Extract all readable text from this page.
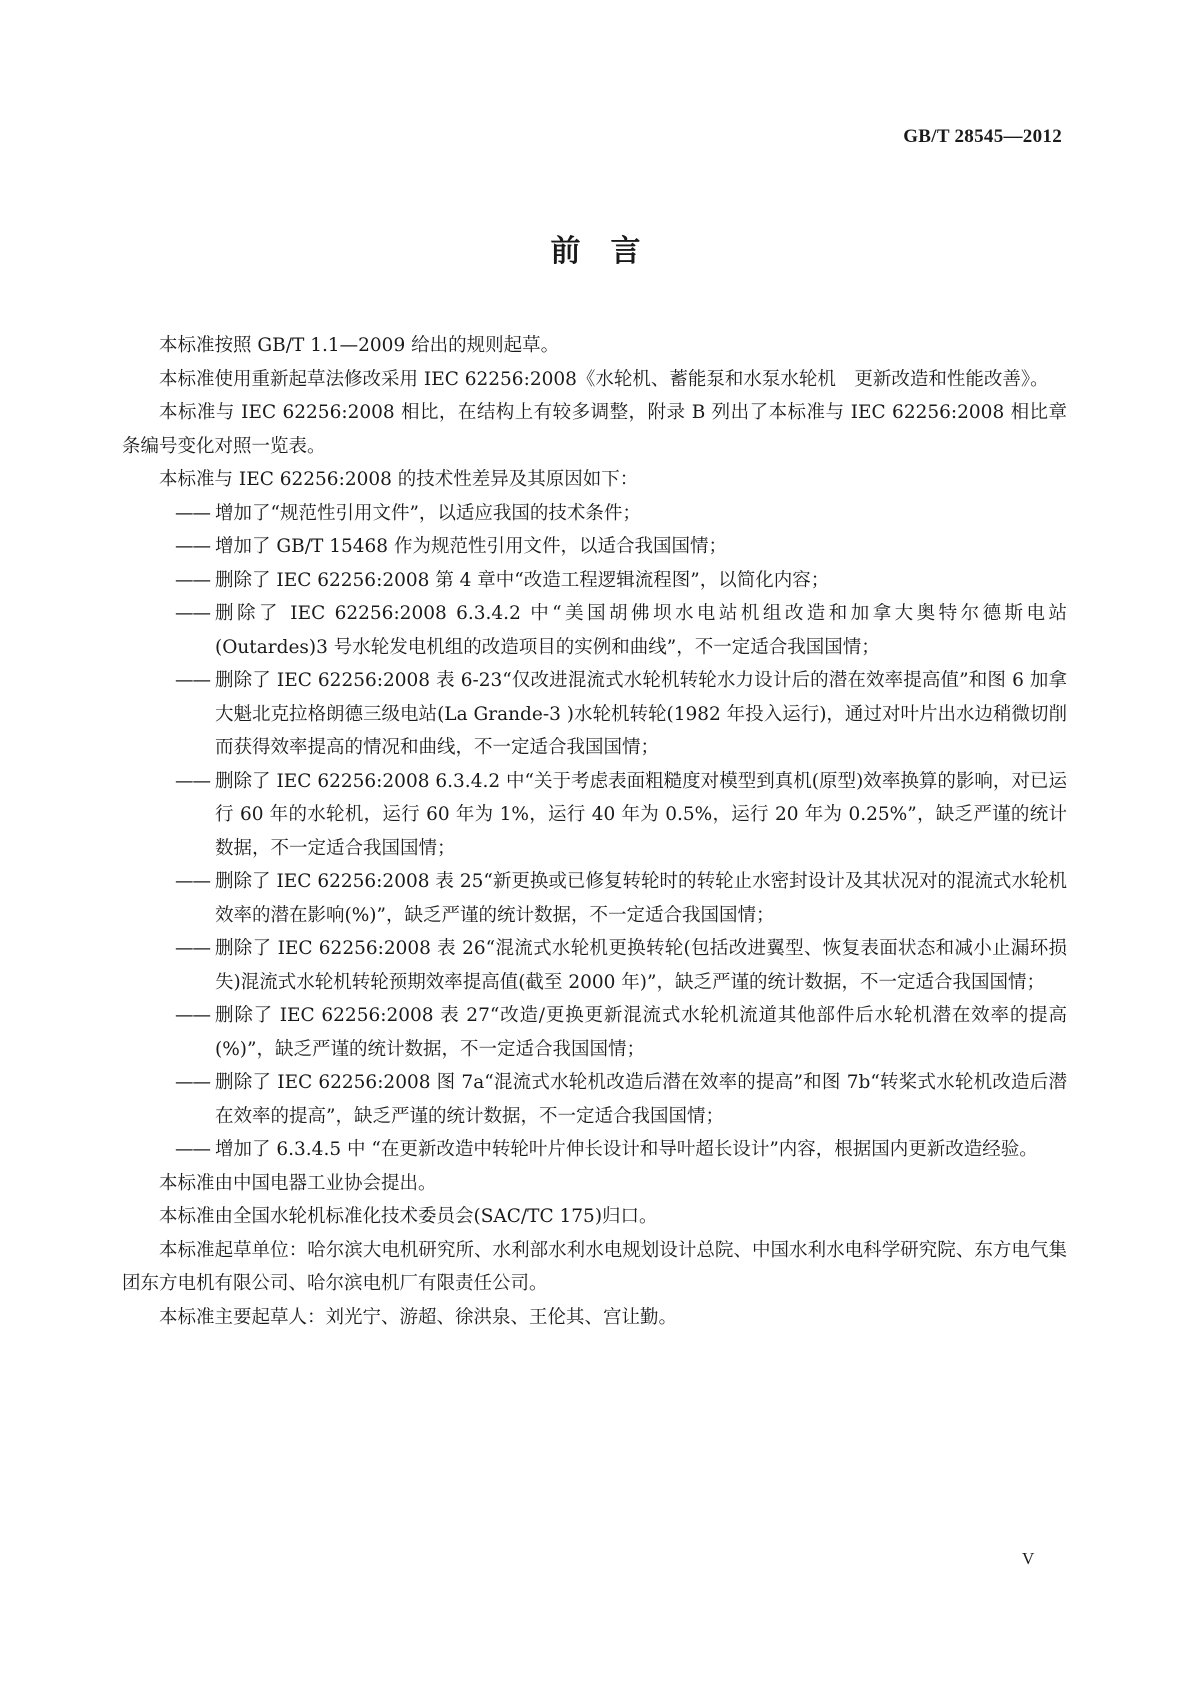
GB/T 28545—2012
前言

本标准按照 GB/T 1.1—2009 给出的规则起草。

本标准使用重新起草法修改采用 IEC 62256:2008《水轮机、蓄能泵和水泵水轮机　更新改造和性能改善》。

本标准与 IEC 62256:2008 相比，在结构上有较多调整，附录 B 列出了本标准与 IEC 62256:2008 相比章条编号变化对照一览表。

本标准与 IEC 62256:2008 的技术性差异及其原因如下：

—— 增加了“规范性引用文件”，以适应我国的技术条件；
—— 增加了 GB/T 15468 作为规范性引用文件，以适合我国国情；
—— 删除了 IEC 62256:2008 第 4 章中“改造工程逻辑流程图”，以简化内容；
—— 删除了 IEC 62256:2008 6.3.4.2 中“美国胡佛坝水电站机组改造和加拿大奥特尔德斯电站(Outardes)3 号水轮发电机组的改造项目的实例和曲线”，不一定适合我国国情；
—— 删除了 IEC 62256:2008 表 6-23“仅改进混流式水轮机转轮水力设计后的潜在效率提高值”和图 6 加拿大魁北克拉格朗德三级电站(La Grande-3 )水轮机转轮(1982 年投入运行)，通过对叶片出水边稍微切削而获得效率提高的情况和曲线，不一定适合我国国情；
—— 删除了 IEC 62256:2008 6.3.4.2 中“关于考虑表面粗糙度对模型到真机(原型)效率换算的影响，对已运行 60 年的水轮机，运行 60 年为 1%，运行 40 年为 0.5%，运行 20 年为 0.25%”，缺乏严谨的统计数据，不一定适合我国国情；
—— 删除了 IEC 62256:2008 表 25“新更换或已修复转轮时的转轮止水密封设计及其状况对的混流式水轮机效率的潜在影响(%)”，缺乏严谨的统计数据，不一定适合我国国情；
—— 删除了 IEC 62256:2008 表 26“混流式水轮机更换转轮(包括改进翼型、恢复表面状态和减小止漏环损失)混流式水轮机转轮预期效率提高值(截至 2000 年)”，缺乏严谨的统计数据，不一定适合我国国情；
—— 删除了 IEC 62256:2008 表 27“改造/更换更新混流式水轮机流道其他部件后水轮机潜在效率的提高(%)”，缺乏严谨的统计数据，不一定适合我国国情；
—— 删除了 IEC 62256:2008 图 7a“混流式水轮机改造后潜在效率的提高”和图 7b“转桨式水轮机改造后潜在效率的提高”，缺乏严谨的统计数据，不一定适合我国国情；
—— 增加了 6.3.4.5 中 “在更新改造中转轮叶片伸长设计和导叶超长设计”内容，根据国内更新改造经验。

本标准由中国电器工业协会提出。

本标准由全国水轮机标准化技术委员会(SAC/TC 175)归口。

本标准起草单位：哈尔滨大电机研究所、水利部水利水电规划设计总院、中国水利水电科学研究院、东方电气集团东方电机有限公司、哈尔滨电机厂有限责任公司。

本标准主要起草人：刘光宁、游超、徐洪泉、王伦其、宫让勤。

V
